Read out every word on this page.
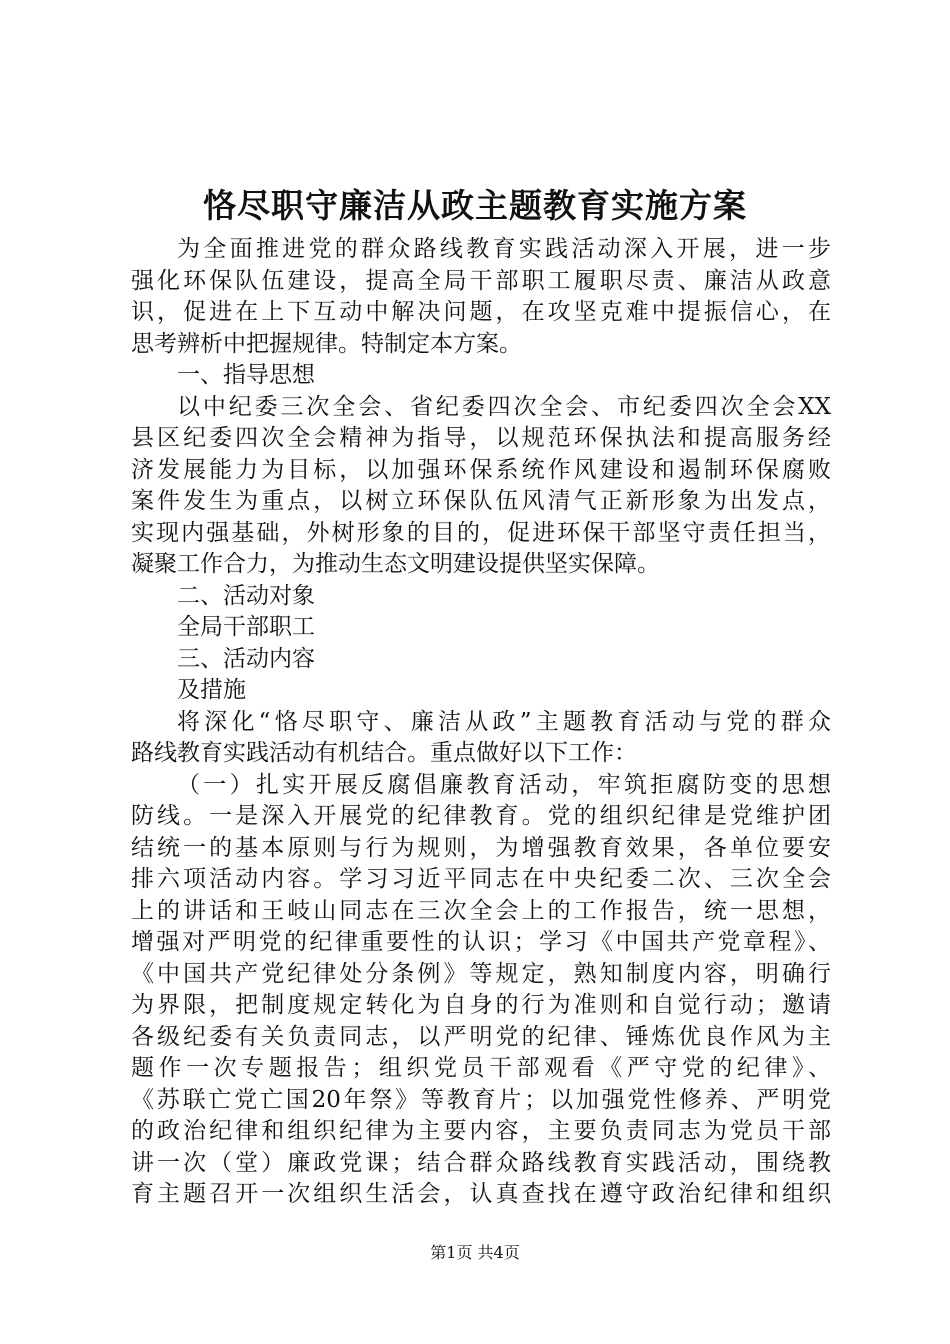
恪尽职守廉洁从政主题教育实施方案
为全面推进党的群众路线教育实践活动深入开展，进一步
强化环保队伍建设，提高全局干部职工履职尽责、廉洁从政意
识，促进在上下互动中解决问题，在攻坚克难中提振信心，在
思考辨析中把握规律。特制定本方案。
一、指导思想
以中纪委三次全会、省纪委四次全会、市纪委四次全会XX
县区纪委四次全会精神为指导，以规范环保执法和提高服务经
济发展能力为目标，以加强环保系统作风建设和遏制环保腐败
案件发生为重点，以树立环保队伍风清气正新形象为出发点，
实现内强基础，外树形象的目的，促进环保干部坚守责任担当，
凝聚工作合力，为推动生态文明建设提供坚实保障。
二、活动对象
全局干部职工
三、活动内容
及措施
将深化“恪尽职守、廉洁从政”主题教育活动与党的群众
路线教育实践活动有机结合。重点做好以下工作：
（一）扎实开展反腐倡廉教育活动，牢筑拒腐防变的思想
防线。一是深入开展党的纪律教育。党的组织纪律是党维护团
结统一的基本原则与行为规则，为增强教育效果，各单位要安
排六项活动内容。学习习近平同志在中央纪委二次、三次全会
上的讲话和王岐山同志在三次全会上的工作报告，统一思想，
增强对严明党的纪律重要性的认识；学习《中国共产党章程》、
《中国共产党纪律处分条例》等规定，熟知制度内容，明确行
为界限，把制度规定转化为自身的行为准则和自觉行动；邀请
各级纪委有关负责同志，以严明党的纪律、锤炼优良作风为主
题作一次专题报告；组织党员干部观看《严守党的纪律》、
《苏联亡党亡国20年祭》等教育片；以加强党性修养、严明党
的政治纪律和组织纪律为主要内容，主要负责同志为党员干部
讲一次（堂）廉政党课；结合群众路线教育实践活动，围绕教
育主题召开一次组织生活会，认真查找在遵守政治纪律和组织
第1页 共4页
